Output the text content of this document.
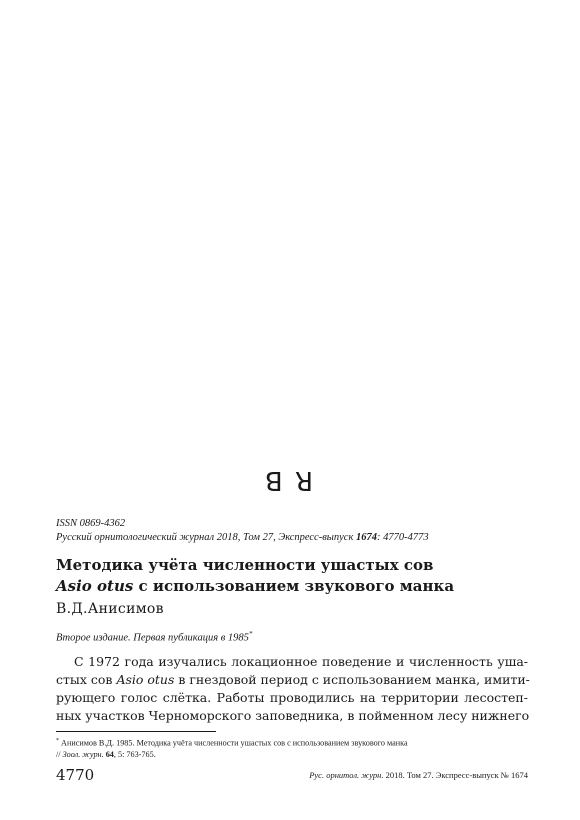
ꓭ ꓤ
ISSN 0869-4362
Русский орнитологический журнал 2018, Том 27, Экспресс-выпуск 1674: 4770-4773
Методика учёта численности ушастых сов
Asio otus с использованием звукового манка
В.Д.Анисимов
Второе издание. Первая публикация в 1985*
С 1972 года изучались локационное поведение и численность уша-
стых сов Asio otus в гнездовой период с использованием манка, имити-
рующего голос слётка. Работы проводились на территории лесостеп-
ных участков Черноморского заповедника, в пойменном лесу нижнего
* Анисимов В.Д. 1985. Методика учёта численности ушастых сов с использованием звукового манка
// Зоол. журн. 64, 5: 763-765.
4770	Рус. орнитол. журн. 2018. Том 27. Экспресс-выпуск № 1674
